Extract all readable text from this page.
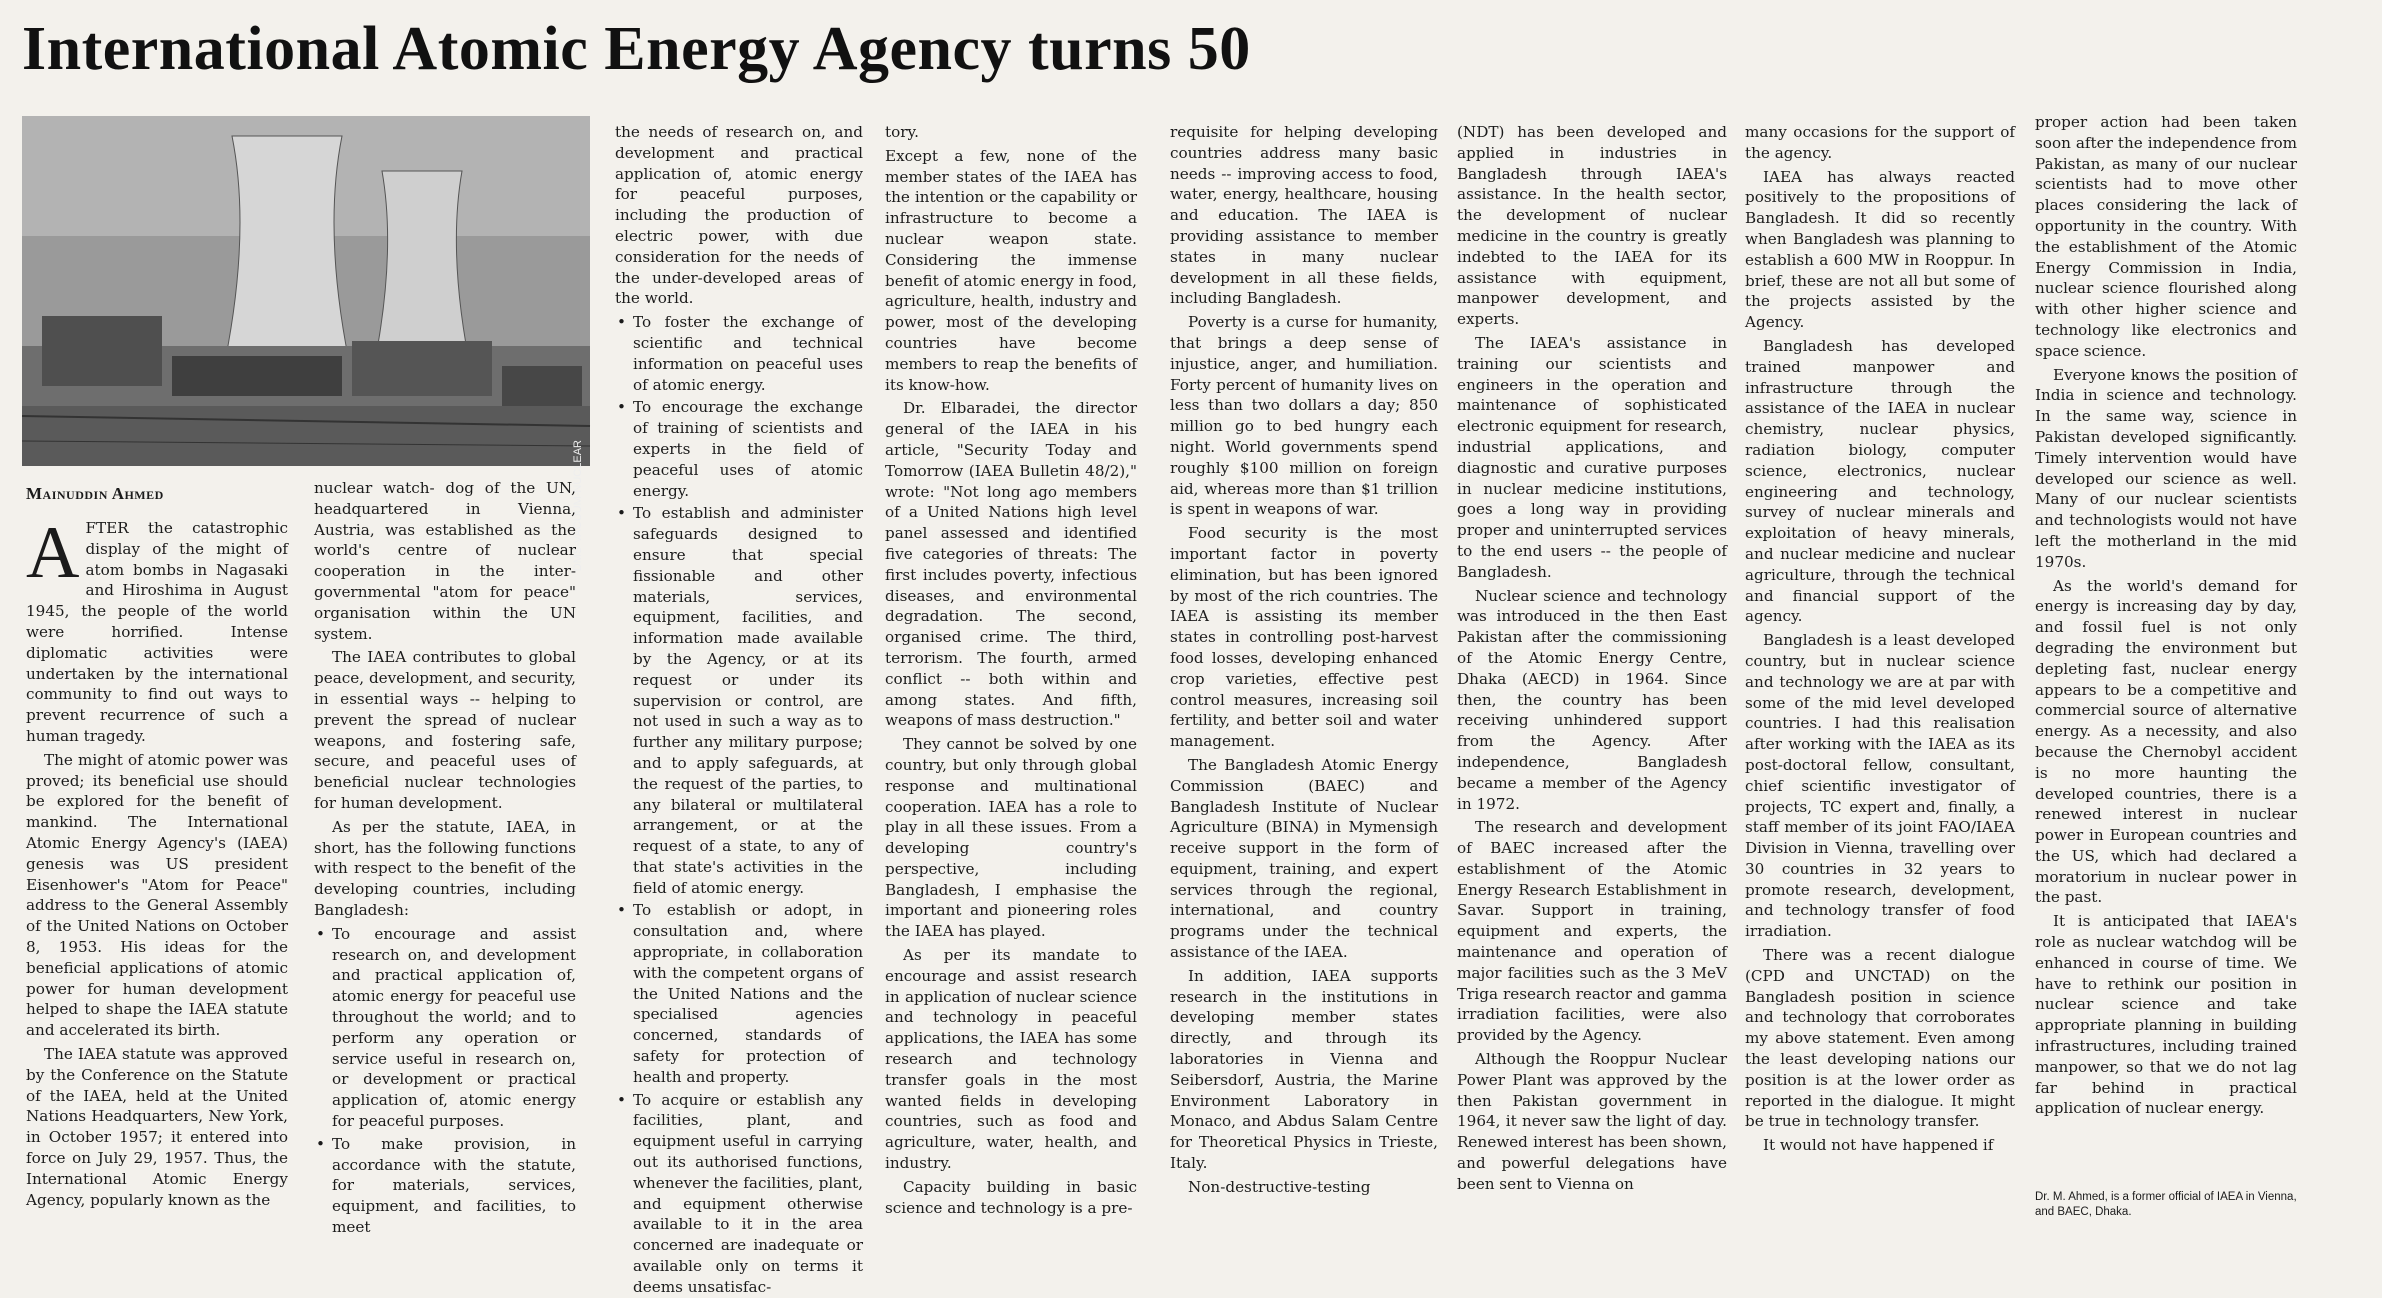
International Atomic Energy Agency turns 50
DMS-VACUUM-NUCLEAR
Mainuddin Ahmed
A FTER the catastrophic display of the might of atom bombs in Nagasaki and Hiroshima in August 1945, the people of the world were horrified. Intense diplomatic activities were undertaken by the international community to find out ways to prevent recurrence of such a human tragedy.

The might of atomic power was proved; its beneficial use should be explored for the benefit of mankind. The International Atomic Energy Agency's (IAEA) genesis was US president Eisenhower's "Atom for Peace" address to the General Assembly of the United Nations on October 8, 1953. His ideas for the beneficial applications of atomic power for human development helped to shape the IAEA statute and accelerated its birth.

The IAEA statute was approved by the Conference on the Statute of the IAEA, held at the United Nations Headquarters, New York, in October 1957; it entered into force on July 29, 1957. Thus, the International Atomic Energy Agency, popularly known as the

nuclear watch- dog of the UN, headquartered in Vienna, Austria, was established as the world's centre of nuclear cooperation in the inter-governmental "atom for peace" organisation within the UN system.

The IAEA contributes to global peace, development, and security, in essential ways -- helping to prevent the spread of nuclear weapons, and fostering safe, secure, and peaceful uses of beneficial nuclear technologies for human development.

As per the statute, IAEA, in short, has the following functions with respect to the benefit of the developing countries, including Bangladesh:

• To encourage and assist research on, and development and practical application of, atomic energy for peaceful use throughout the world; and to perform any operation or service useful in research on, or development or practical application of, atomic energy for peaceful purposes.
• To make provision, in accordance with the statute, for materials, services, equipment, and facilities, to meet

the needs of research on, and development and practical application of, atomic energy for peaceful purposes, including the production of electric power, with due consideration for the needs of the under-developed areas of the world.

• To foster the exchange of scientific and technical information on peaceful uses of atomic energy.
• To encourage the exchange of training of scientists and experts in the field of peaceful uses of atomic energy.
• To establish and administer safeguards designed to ensure that special fissionable and other materials, services, equipment, facilities, and information made available by the Agency, or at its request or under its supervision or control, are not used in such a way as to further any military purpose; and to apply safeguards, at the request of the parties, to any bilateral or multilateral arrangement, or at the request of a state, to any of that state's activities in the field of atomic energy.
• To establish or adopt, in consultation and, where appropriate, in collaboration with the competent organs of the United Nations and the specialised agencies concerned, standards of safety for protection of health and property.
• To acquire or establish any facilities, plant, and equipment useful in carrying out its authorised functions, whenever the facilities, plant, and equipment otherwise available to it in the area concerned are inadequate or available only on terms it deems unsatisfac-

tory.

Except a few, none of the member states of the IAEA has the intention or the capability or infrastructure to become a nuclear weapon state. Considering the immense benefit of atomic energy in food, agriculture, health, industry and power, most of the developing countries have become members to reap the benefits of its know-how.

Dr. Elbaradei, the director general of the IAEA in his article, "Security Today and Tomorrow (IAEA Bulletin 48/2)," wrote: "Not long ago members of a United Nations high level panel assessed and identified five categories of threats: The first includes poverty, infectious diseases, and environmental degradation. The second, organised crime. The third, terrorism. The fourth, armed conflict -- both within and among states. And fifth, weapons of mass destruction."

They cannot be solved by one country, but only through global response and multinational cooperation. IAEA has a role to play in all these issues. From a developing country's perspective, including Bangladesh, I emphasise the important and pioneering roles the IAEA has played.

As per its mandate to encourage and assist research in application of nuclear science and technology in peaceful applications, the IAEA has some research and technology transfer goals in the most wanted fields in developing countries, such as food and agriculture, water, health, and industry.

Capacity building in basic science and technology is a pre-

requisite for helping developing countries address many basic needs -- improving access to food, water, energy, healthcare, housing and education. The IAEA is providing assistance to member states in many nuclear development in all these fields, including Bangladesh.

Poverty is a curse for humanity, that brings a deep sense of injustice, anger, and humiliation. Forty percent of humanity lives on less than two dollars a day; 850 million go to bed hungry each night. World governments spend roughly $100 million on foreign aid, whereas more than $1 trillion is spent in weapons of war.

Food security is the most important factor in poverty elimination, but has been ignored by most of the rich countries. The IAEA is assisting its member states in controlling post-harvest food losses, developing enhanced crop varieties, effective pest control measures, increasing soil fertility, and better soil and water management.

The Bangladesh Atomic Energy Commission (BAEC) and Bangladesh Institute of Nuclear Agriculture (BINA) in Mymensigh receive support in the form of equipment, training, and expert services through the regional, international, and country programs under the technical assistance of the IAEA.

In addition, IAEA supports research in the institutions in developing member states directly, and through its laboratories in Vienna and Seibersdorf, Austria, the Marine Environment Laboratory in Monaco, and Abdus Salam Centre for Theoretical Physics in Trieste, Italy.

Non-destructive-testing

(NDT) has been developed and applied in industries in Bangladesh through IAEA's assistance. In the health sector, the development of nuclear medicine in the country is greatly indebted to the IAEA for its assistance with equipment, manpower development, and experts.

The IAEA's assistance in training our scientists and engineers in the operation and maintenance of sophisticated electronic equipment for research, industrial applications, and diagnostic and curative purposes in nuclear medicine institutions, goes a long way in providing proper and uninterrupted services to the end users -- the people of Bangladesh.

Nuclear science and technology was introduced in the then East Pakistan after the commissioning of the Atomic Energy Centre, Dhaka (AECD) in 1964. Since then, the country has been receiving unhindered support from the Agency. After independence, Bangladesh became a member of the Agency in 1972.

The research and development of BAEC increased after the establishment of the Atomic Energy Research Establishment in Savar. Support in training, equipment and experts, the maintenance and operation of major facilities such as the 3 MeV Triga research reactor and gamma irradiation facilities, were also provided by the Agency.

Although the Rooppur Nuclear Power Plant was approved by the then Pakistan government in 1964, it never saw the light of day. Renewed interest has been shown, and powerful delegations have been sent to Vienna on

many occasions for the support of the agency.

IAEA has always reacted positively to the propositions of Bangladesh. It did so recently when Bangladesh was planning to establish a 600 MW in Rooppur. In brief, these are not all but some of the projects assisted by the Agency.

Bangladesh has developed trained manpower and infrastructure through the assistance of the IAEA in nuclear chemistry, nuclear physics, radiation biology, computer science, electronics, nuclear engineering and technology, survey of nuclear minerals and exploitation of heavy minerals, and nuclear medicine and nuclear agriculture, through the technical and financial support of the agency.

Bangladesh is a least developed country, but in nuclear science and technology we are at par with some of the mid level developed countries. I had this realisation after working with the IAEA as its post-doctoral fellow, consultant, chief scientific investigator of projects, TC expert and, finally, a staff member of its joint FAO/IAEA Division in Vienna, travelling over 30 countries in 32 years to promote research, development, and technology transfer of food irradiation.

There was a recent dialogue (CPD and UNCTAD) on the Bangladesh position in science and technology that corroborates my above statement. Even among the least developing nations our position is at the lower order as reported in the dialogue. It might be true in technology transfer.

It would not have happened if

proper action had been taken soon after the independence from Pakistan, as many of our nuclear scientists had to move other places considering the lack of opportunity in the country. With the establishment of the Atomic Energy Commission in India, nuclear science flourished along with other higher science and technology like electronics and space science.

Everyone knows the position of India in science and technology. In the same way, science in Pakistan developed significantly. Timely intervention would have developed our science as well. Many of our nuclear scientists and technologists would not have left the motherland in the mid 1970s.

As the world's demand for energy is increasing day by day, and fossil fuel is not only degrading the environment but depleting fast, nuclear energy appears to be a competitive and commercial source of alternative energy. As a necessity, and also because the Chernobyl accident is no more haunting the developed countries, there is a renewed interest in nuclear power in European countries and the US, which had declared a moratorium in nuclear power in the past.

It is anticipated that IAEA's role as nuclear watchdog will be enhanced in course of time. We have to rethink our position in nuclear science and take appropriate planning in building infrastructures, including trained manpower, so that we do not lag far behind in practical application of nuclear energy.

Dr. M. Ahmed, is a former official of IAEA in Vienna, and BAEC, Dhaka.
